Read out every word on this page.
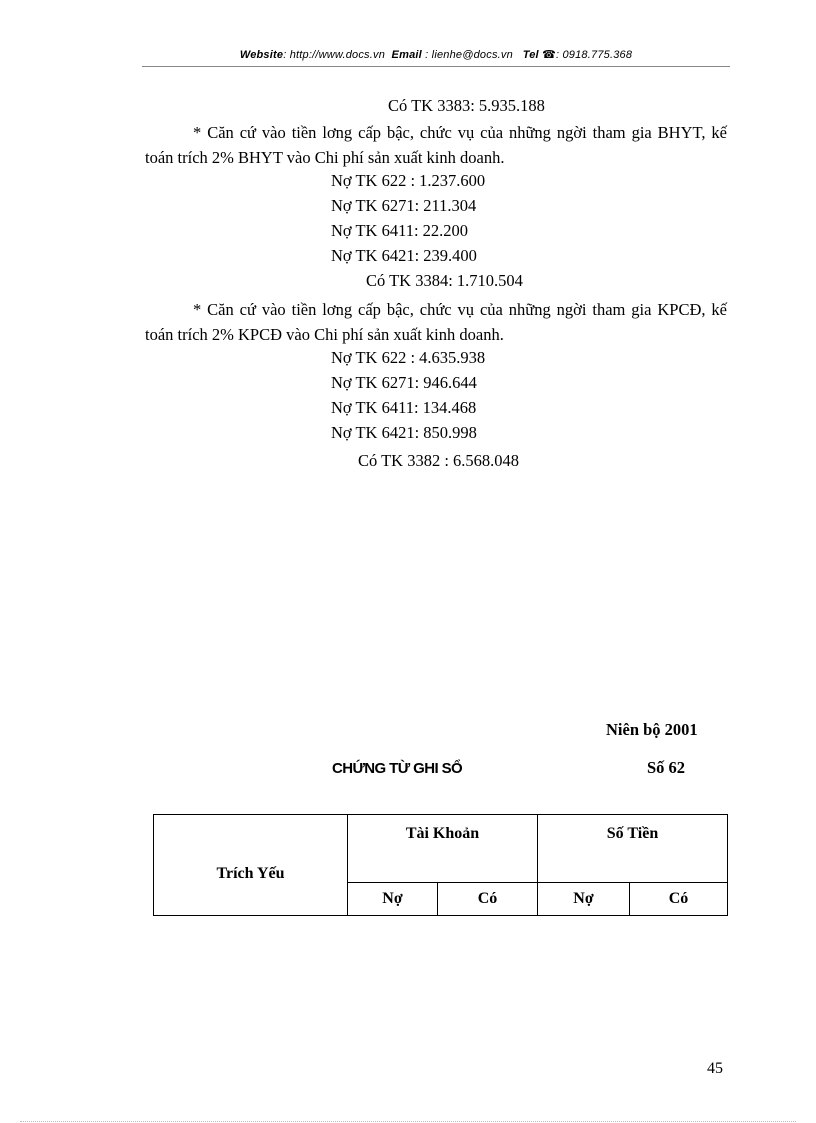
Website: http://www.docs.vn Email : lienhe@docs.vn Tel ☎: 0918.775.368
Có TK 3383: 5.935.188
* Căn cứ vào tiền lơng cấp bậc, chức vụ của những ngời tham gia BHYT, kế toán trích 2% BHYT vào Chi phí sản xuất kinh doanh.
Nợ TK 622 : 1.237.600
Nợ TK 6271: 211.304
Nợ TK 6411: 22.200
Nợ TK 6421: 239.400
Có TK 3384: 1.710.504
* Căn cứ vào tiền lơng cấp bậc, chức vụ của những ngời tham gia KPCĐ, kế toán trích 2% KPCĐ vào Chi phí sản xuất kinh doanh.
Nợ TK 622 : 4.635.938
Nợ TK 6271: 946.644
Nợ TK 6411: 134.468
Nợ TK 6421: 850.998
Có TK 3382 : 6.568.048
Niên bộ 2001
CHỨNG TỪ GHI SỔ	Số 62
Trích Yếu	Tài Khoản		Số Tiền	
	Nợ	Có	Nợ	Có
45
